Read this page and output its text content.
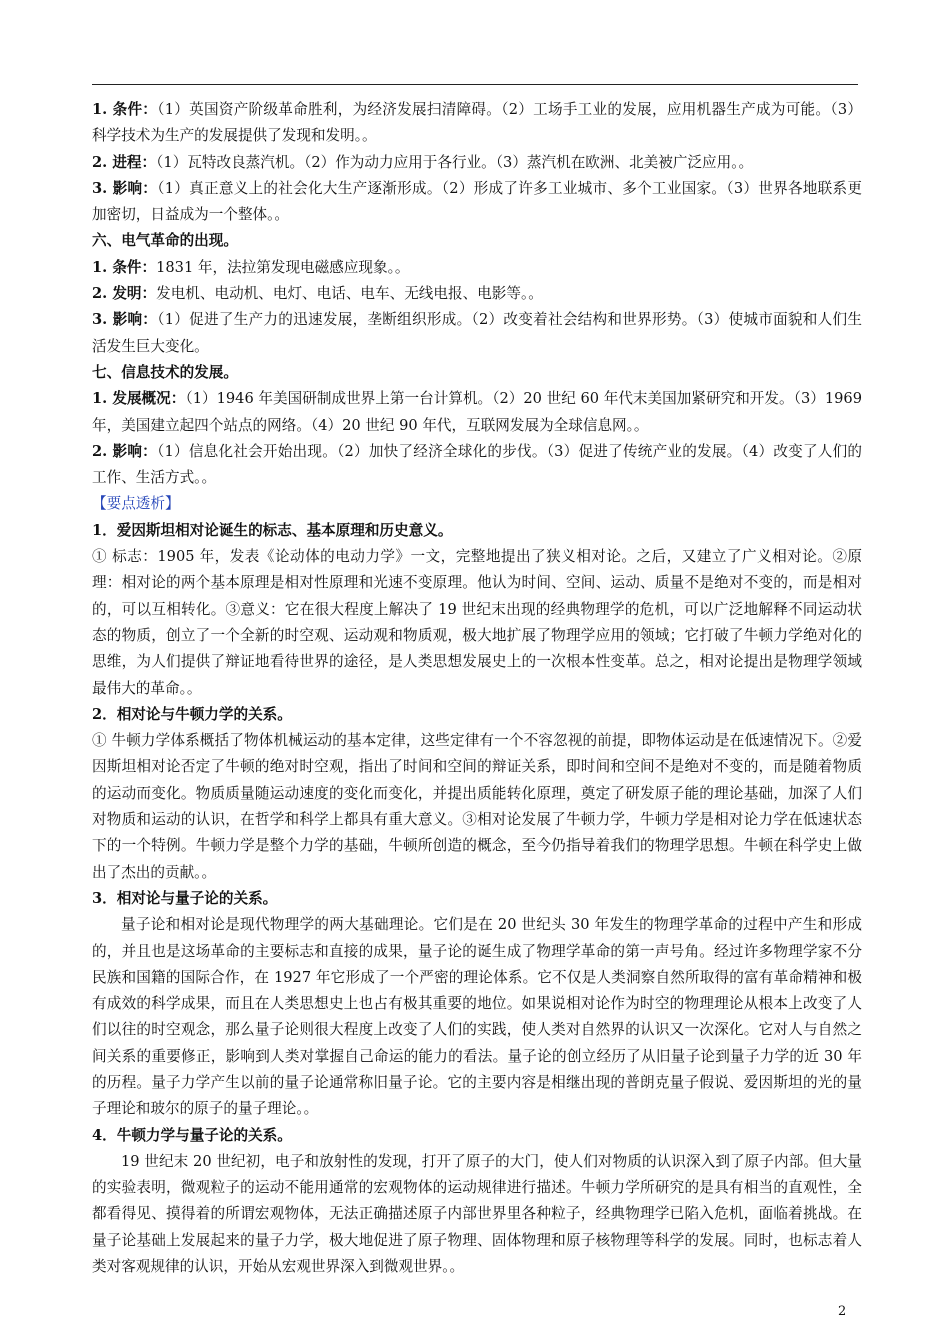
1. 条件：（1）英国资产阶级革命胜利，为经济发展扫清障碍。（2）工场手工业的发展，应用机器生产成为可能。（3）科学技术为生产的发展提供了发现和发明。。

2. 进程：（1）瓦特改良蒸汽机。（2）作为动力应用于各行业。（3）蒸汽机在欧洲、北美被广泛应用。。

3. 影响：（1）真正意义上的社会化大生产逐渐形成。（2）形成了许多工业城市、多个工业国家。（3）世界各地联系更加密切，日益成为一个整体。。

六、电气革命的出现。

1. 条件：1831 年，法拉第发现电磁感应现象。。

2. 发明：发电机、电动机、电灯、电话、电车、无线电报、电影等。。

3. 影响：（1）促进了生产力的迅速发展，垄断组织形成。（2）改变着社会结构和世界形势。（3）使城市面貌和人们生活发生巨大变化。

七、信息技术的发展。

1. 发展概况：（1）1946 年美国研制成世界上第一台计算机。（2）20 世纪 60 年代末美国加紧研究和开发。（3）1969 年，美国建立起四个站点的网络。（4）20 世纪 90 年代，互联网发展为全球信息网。。

2. 影响：（1）信息化社会开始出现。（2）加快了经济全球化的步伐。（3）促进了传统产业的发展。（4）改变了人们的工作、生活方式。。

【要点透析】

1．爱因斯坦相对论诞生的标志、基本原理和历史意义。

① 标志：1905 年，发表《论动体的电动力学》一文，完整地提出了狭义相对论。之后，又建立了广义相对论。②原理：相对论的两个基本原理是相对性原理和光速不变原理。他认为时间、空间、运动、质量不是绝对不变的，而是相对的，可以互相转化。③意义：它在很大程度上解决了 19 世纪末出现的经典物理学的危机，可以广泛地解释不同运动状态的物质，创立了一个全新的时空观、运动观和物质观，极大地扩展了物理学应用的领域；它打破了牛顿力学绝对化的思维，为人们提供了辩证地看待世界的途径，是人类思想发展史上的一次根本性变革。总之，相对论提出是物理学领域最伟大的革命。。

2．相对论与牛顿力学的关系。

① 牛顿力学体系概括了物体机械运动的基本定律，这些定律有一个不容忽视的前提，即物体运动是在低速情况下。②爱因斯坦相对论否定了牛顿的绝对时空观，指出了时间和空间的辩证关系，即时间和空间不是绝对不变的，而是随着物质的运动而变化。物质质量随运动速度的变化而变化，并提出质能转化原理，奠定了研发原子能的理论基础，加深了人们对物质和运动的认识，在哲学和科学上都具有重大意义。③相对论发展了牛顿力学，牛顿力学是相对论力学在低速状态下的一个特例。牛顿力学是整个力学的基础，牛顿所创造的概念，至今仍指导着我们的物理学思想。牛顿在科学史上做出了杰出的贡献。。

3．相对论与量子论的关系。

量子论和相对论是现代物理学的两大基础理论。它们是在 20 世纪头 30 年发生的物理学革命的过程中产生和形成的，并且也是这场革命的主要标志和直接的成果，量子论的诞生成了物理学革命的第一声号角。经过许多物理学家不分民族和国籍的国际合作，在 1927 年它形成了一个严密的理论体系。它不仅是人类洞察自然所取得的富有革命精神和极有成效的科学成果，而且在人类思想史上也占有极其重要的地位。如果说相对论作为时空的物理理论从根本上改变了人们以往的时空观念，那么量子论则很大程度上改变了人们的实践，使人类对自然界的认识又一次深化。它对人与自然之间关系的重要修正，影响到人类对掌握自己命运的能力的看法。量子论的创立经历了从旧量子论到量子力学的近 30 年的历程。量子力学产生以前的量子论通常称旧量子论。它的主要内容是相继出现的普朗克量子假说、爱因斯坦的光的量子理论和玻尔的原子的量子理论。。

4．牛顿力学与量子论的关系。

19 世纪末 20 世纪初，电子和放射性的发现，打开了原子的大门，使人们对物质的认识深入到了原子内部。但大量的实验表明，微观粒子的运动不能用通常的宏观物体的运动规律进行描述。牛顿力学所研究的是具有相当的直观性，全都看得见、摸得着的所谓宏观物体，无法正确描述原子内部世界里各种粒子，经典物理学已陷入危机，面临着挑战。在量子论基础上发展起来的量子力学，极大地促进了原子物理、固体物理和原子核物理等科学的发展。同时，也标志着人类对客观规律的认识，开始从宏观世界深入到微观世界。。

2
